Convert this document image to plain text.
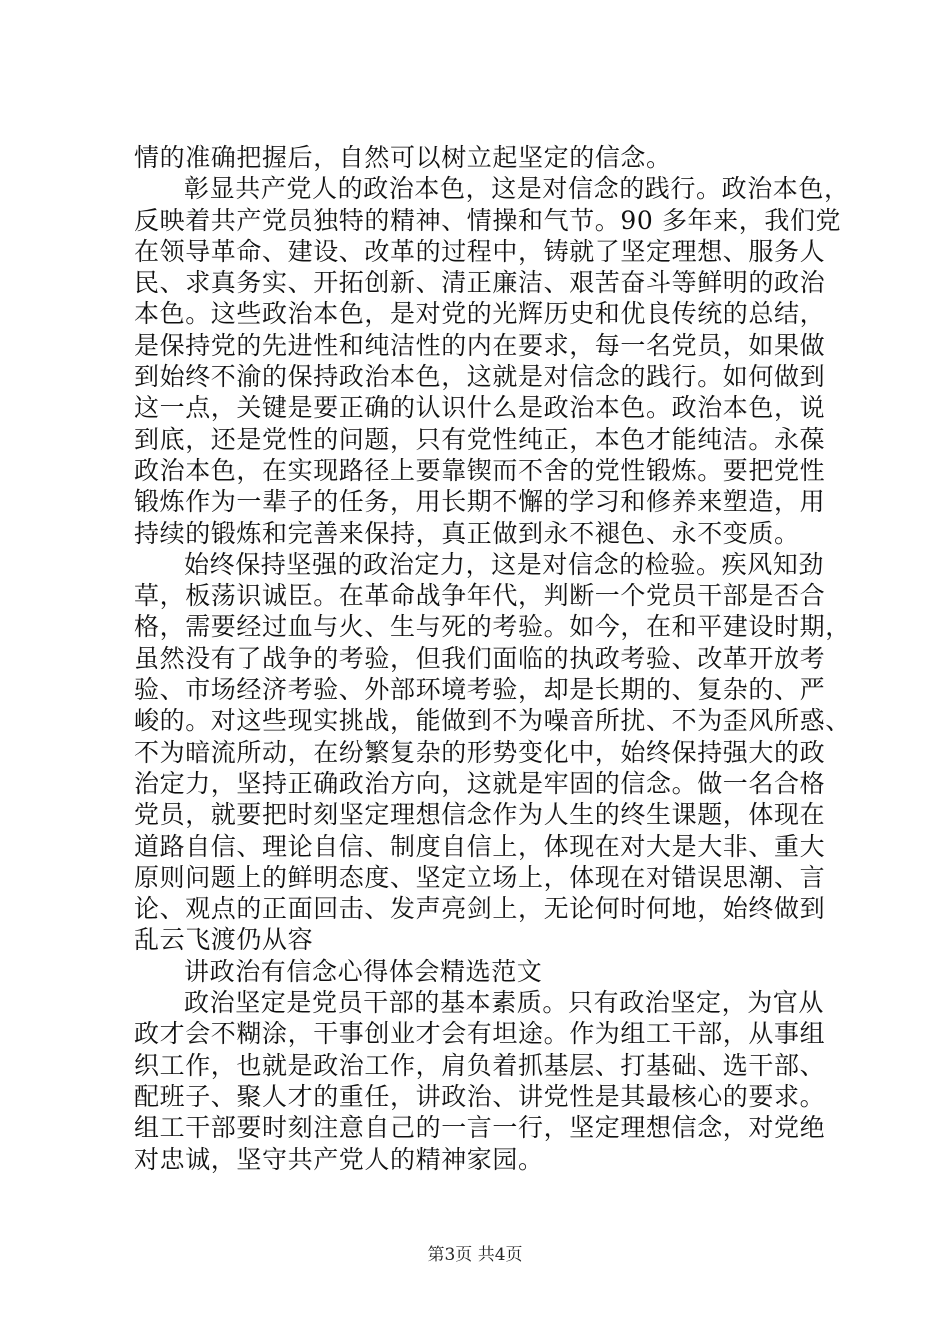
情的准确把握后，自然可以树立起坚定的信念。
彰显共产党人的政治本色，这是对信念的践行。政治本色，
反映着共产党员独特的精神、情操和气节。90 多年来，我们党
在领导革命、建设、改革的过程中，铸就了坚定理想、服务人
民、求真务实、开拓创新、清正廉洁、艰苦奋斗等鲜明的政治
本色。这些政治本色，是对党的光辉历史和优良传统的总结，
是保持党的先进性和纯洁性的内在要求，每一名党员，如果做
到始终不渝的保持政治本色，这就是对信念的践行。如何做到
这一点，关键是要正确的认识什么是政治本色。政治本色，说
到底，还是党性的问题，只有党性纯正，本色才能纯洁。永葆
政治本色，在实现路径上要靠锲而不舍的党性锻炼。要把党性
锻炼作为一辈子的任务，用长期不懈的学习和修养来塑造，用
持续的锻炼和完善来保持，真正做到永不褪色、永不变质。
始终保持坚强的政治定力，这是对信念的检验。疾风知劲
草，板荡识诚臣。在革命战争年代，判断一个党员干部是否合
格，需要经过血与火、生与死的考验。如今，在和平建设时期，
虽然没有了战争的考验，但我们面临的执政考验、改革开放考
验、市场经济考验、外部环境考验，却是长期的、复杂的、严
峻的。对这些现实挑战，能做到不为噪音所扰、不为歪风所惑、
不为暗流所动，在纷繁复杂的形势变化中，始终保持强大的政
治定力，坚持正确政治方向，这就是牢固的信念。做一名合格
党员，就要把时刻坚定理想信念作为人生的终生课题，体现在
道路自信、理论自信、制度自信上，体现在对大是大非、重大
原则问题上的鲜明态度、坚定立场上，体现在对错误思潮、言
论、观点的正面回击、发声亮剑上，无论何时何地，始终做到
乱云飞渡仍从容
讲政治有信念心得体会精选范文
政治坚定是党员干部的基本素质。只有政治坚定，为官从
政才会不糊涂，干事创业才会有坦途。作为组工干部，从事组
织工作，也就是政治工作，肩负着抓基层、打基础、选干部、
配班子、聚人才的重任，讲政治、讲党性是其最核心的要求。
组工干部要时刻注意自己的一言一行，坚定理想信念，对党绝
对忠诚，坚守共产党人的精神家园。
第3页 共4页
